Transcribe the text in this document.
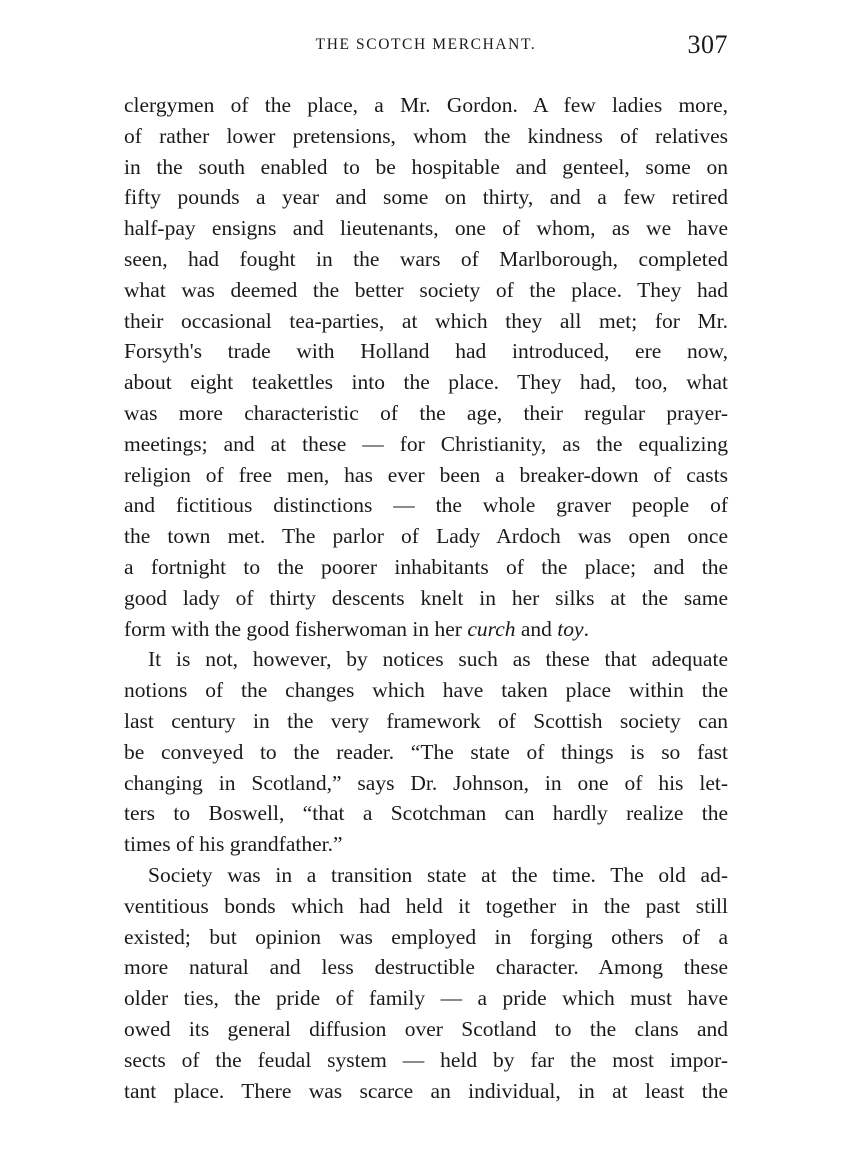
THE SCOTCH MERCHANT.	307
clergymen of the place, a Mr. Gordon. A few ladies more,
of rather lower pretensions, whom the kindness of relatives
in the south enabled to be hospitable and genteel, some on
fifty pounds a year and some on thirty, and a few retired
half-pay ensigns and lieutenants, one of whom, as we have
seen, had fought in the wars of Marlborough, completed
what was deemed the better society of the place. They had
their occasional tea-parties, at which they all met; for Mr.
Forsyth's trade with Holland had introduced, ere now,
about eight teakettles into the place. They had, too, what
was more characteristic of the age, their regular prayer-
meetings; and at these — for Christianity, as the equalizing
religion of free men, has ever been a breaker-down of casts
and fictitious distinctions — the whole graver people of
the town met. The parlor of Lady Ardoch was open once
a fortnight to the poorer inhabitants of the place; and the
good lady of thirty descents knelt in her silks at the same
form with the good fisherwoman in her curch and toy.
It is not, however, by notices such as these that adequate
notions of the changes which have taken place within the
last century in the very framework of Scottish society can
be conveyed to the reader. “The state of things is so fast
changing in Scotland,” says Dr. Johnson, in one of his let-
ters to Boswell, “that a Scotchman can hardly realize the
times of his grandfather.”
Society was in a transition state at the time. The old ad-
ventitious bonds which had held it together in the past still
existed; but opinion was employed in forging others of a
more natural and less destructible character. Among these
older ties, the pride of family — a pride which must have
owed its general diffusion over Scotland to the clans and
sects of the feudal system — held by far the most impor-
tant place. There was scarce an individual, in at least the
